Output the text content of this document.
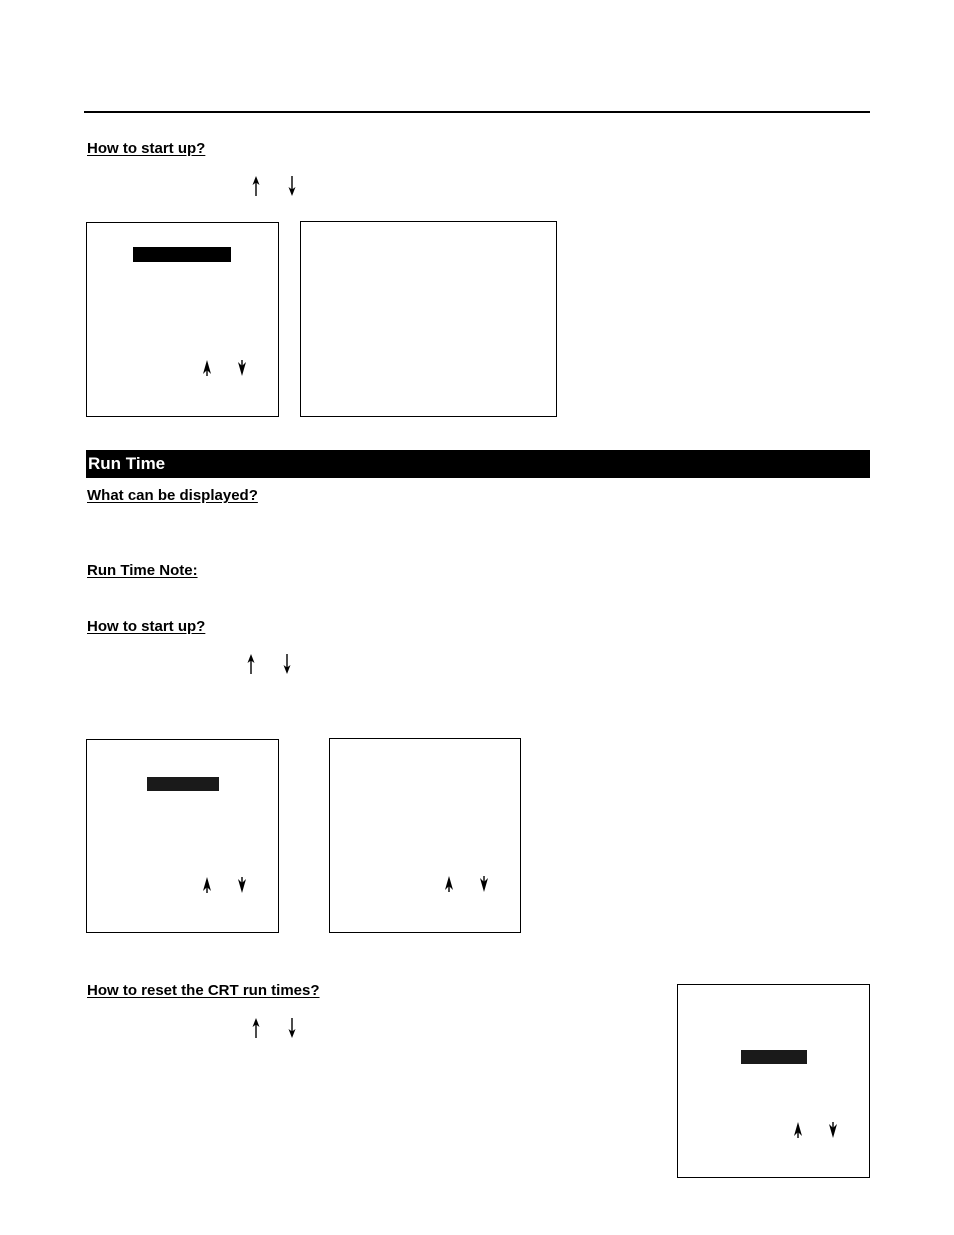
How to start up?
Run Time
What can be displayed?
Run Time Note:
How to start up?
How to reset the CRT run times?
